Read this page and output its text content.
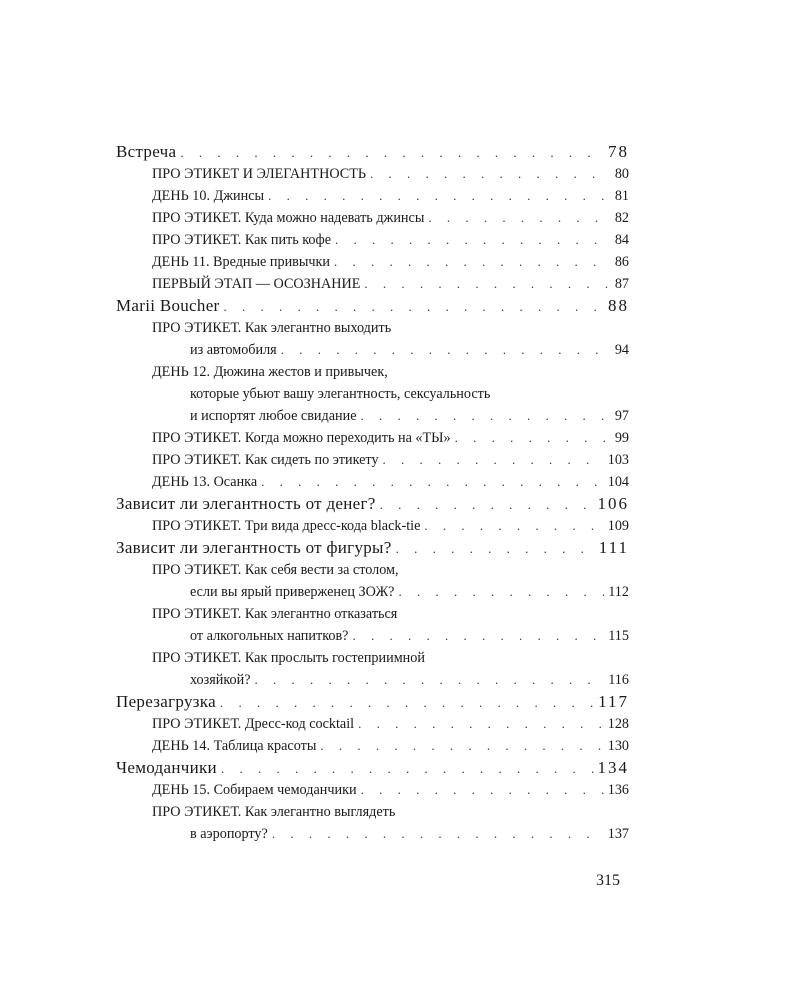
Встреча . . .	78
ПРО ЭТИКЕТ И ЭЛЕГАНТНОСТЬ . . .	80
ДЕНЬ 10. Джинсы . . .	81
ПРО ЭТИКЕТ. Куда можно надевать джинсы . . .	82
ПРО ЭТИКЕТ. Как пить кофе . . .	84
ДЕНЬ 11. Вредные привычки . . .	86
ПЕРВЫЙ ЭТАП — ОСОЗНАНИЕ . . .	87
Marii Boucher . . .	88
ПРО ЭТИКЕТ. Как элегантно выходить
из автомобиля . . .	94
ДЕНЬ 12. Дюжина жестов и привычек,
которые убьют вашу элегантность, сексуальность
и испортят любое свидание . . .	97
ПРО ЭТИКЕТ. Когда можно переходить на «ТЫ» . . .	99
ПРО ЭТИКЕТ. Как сидеть по этикету . . .	103
ДЕНЬ 13. Осанка . . .	104
Зависит ли элегантность от денег? . . .	106
ПРО ЭТИКЕТ. Три вида дресс-кода black-tie . . .	109
Зависит ли элегантность от фигуры? . . .	111
ПРО ЭТИКЕТ. Как себя вести за столом,
если вы ярый приверженец ЗОЖ? . . .	112
ПРО ЭТИКЕТ. Как элегантно отказаться
от алкогольных напитков? . . .	115
ПРО ЭТИКЕТ. Как прослыть гостеприимной
хозяйкой? . . .	116
Перезагрузка . . .	117
ПРО ЭТИКЕТ. Дресс-код cocktail . . .	128
ДЕНЬ 14. Таблица красоты . . .	130
Чемоданчики . . .	134
ДЕНЬ 15. Собираем чемоданчики . . .	136
ПРО ЭТИКЕТ. Как элегантно выглядеть
в аэропорту? . . .	137
315
